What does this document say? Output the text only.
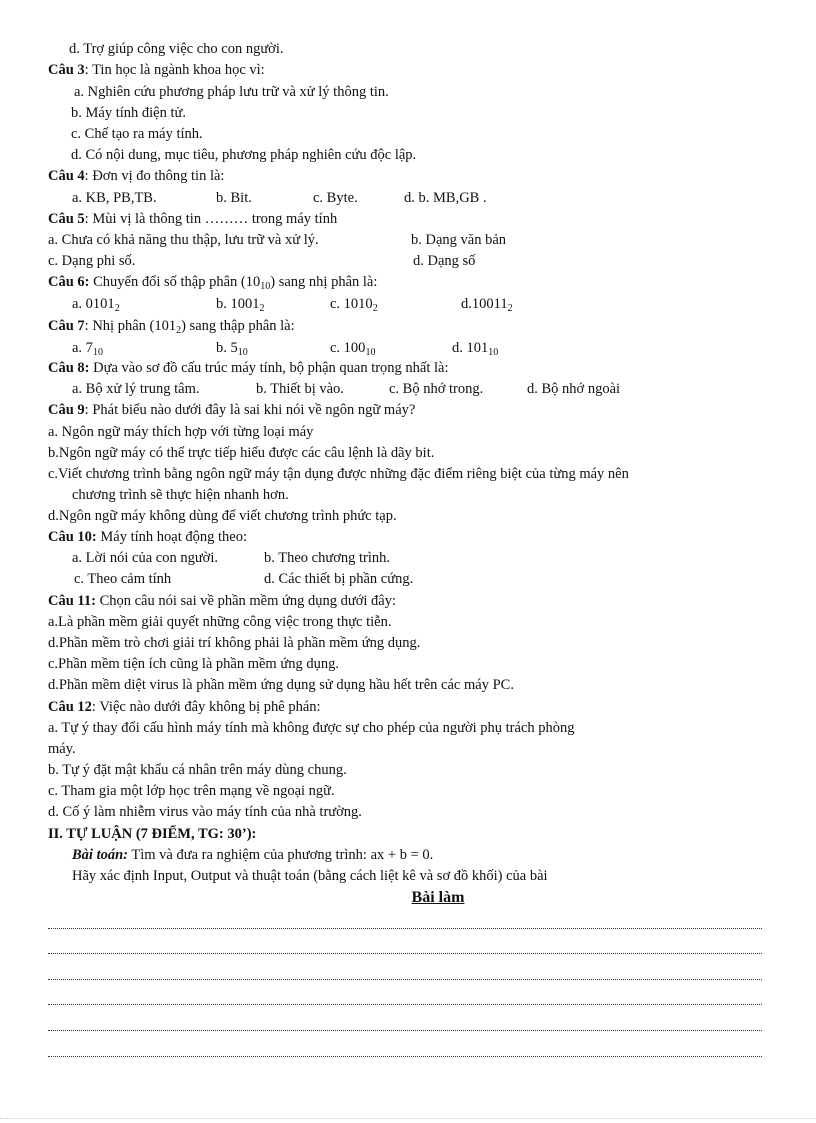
d. Trợ giúp công việc cho con người.
Câu 3: Tin học là ngành khoa học vì:
a. Nghiên cứu phương pháp lưu trữ và xử lý thông tin.
b. Máy tính điện tử.
c. Chế tạo ra máy tính.
d. Có nội dung, mục tiêu, phương pháp nghiên cứu độc lập.
Câu 4: Đơn vị đo thông tin là:
a. KB, PB,TB.	b. Bit.	c. Byte.	d. b. MB,GB .
Câu 5: Mùi vị là thông tin ……… trong máy tính
a. Chưa có khả năng thu thập, lưu trữ và xử lý.	b. Dạng văn bản
c. Dạng phi số.	d. Dạng số
Câu 6: Chuyển đổi số thập phân $(10_{10})$ sang nhị phân là:
a. $0101_2$	b. $1001_2$	c. $1010_2$	$d.10011_2$
Câu 7: Nhị phân $(101_2)$ sang thập phân là:
a. $7_{10}$	b. $5_{10}$	c. $100_{10}$	d. $101_{10}$
Câu 8: Dựa vào sơ đồ cấu trúc máy tính, bộ phận quan trọng nhất là:
a. Bộ xử lý trung tâm.	b. Thiết bị vào.	c. Bộ nhớ trong.	d. Bộ nhớ ngoài
Câu 9: Phát biểu nào dưới đây là sai khi nói về ngôn ngữ máy?
a. Ngôn ngữ máy thích hợp với từng loại máy
b.Ngôn ngữ máy có thể trực tiếp hiểu được các câu lệnh là dãy bit.
c.Viết chương trình bằng ngôn ngữ máy tận dụng được những đặc điểm riêng biệt của từng máy nên
chương trình sẽ thực hiện nhanh hơn.
d.Ngôn ngữ máy không dùng để viết chương trình phức tạp.
Câu 10: Máy tính hoạt động theo:
a. Lời nói của con người.	b. Theo chương trình.
c. Theo cảm tính	d. Các thiết bị phần cứng.
Câu 11: Chọn câu nói sai về phần mềm ứng dụng dưới đây:
a.Là phần mềm giải quyết những công việc trong thực tiễn.
d.Phần mềm trò chơi giải trí không phải là phần mềm ứng dụng.
c.Phần mềm tiện ích cũng là phần mềm ứng dụng.
d.Phần mềm diệt virus là phần mềm ứng dụng sử dụng hầu hết trên các máy PC.
Câu 12: Việc nào dưới đây không bị phê phán:
a. Tự ý thay đổi cấu hình máy tính mà không được sự cho phép của người phụ trách phòng
máy.
b. Tự ý đặt mật khẩu cá nhân trên máy dùng chung.
c. Tham gia một lớp học trên mạng về ngoại ngữ.
d. Cố ý làm nhiễm virus vào máy tính của nhà trường.
II. TỰ LUẬN (7 ĐIỂM, TG: 30’):
Bài toán: Tìm và đưa ra nghiệm của phương trình: ax + b = 0.
Hãy xác định Input, Output và thuật toán (bằng cách liệt kê và sơ đồ khối) của bài
Bài làm
